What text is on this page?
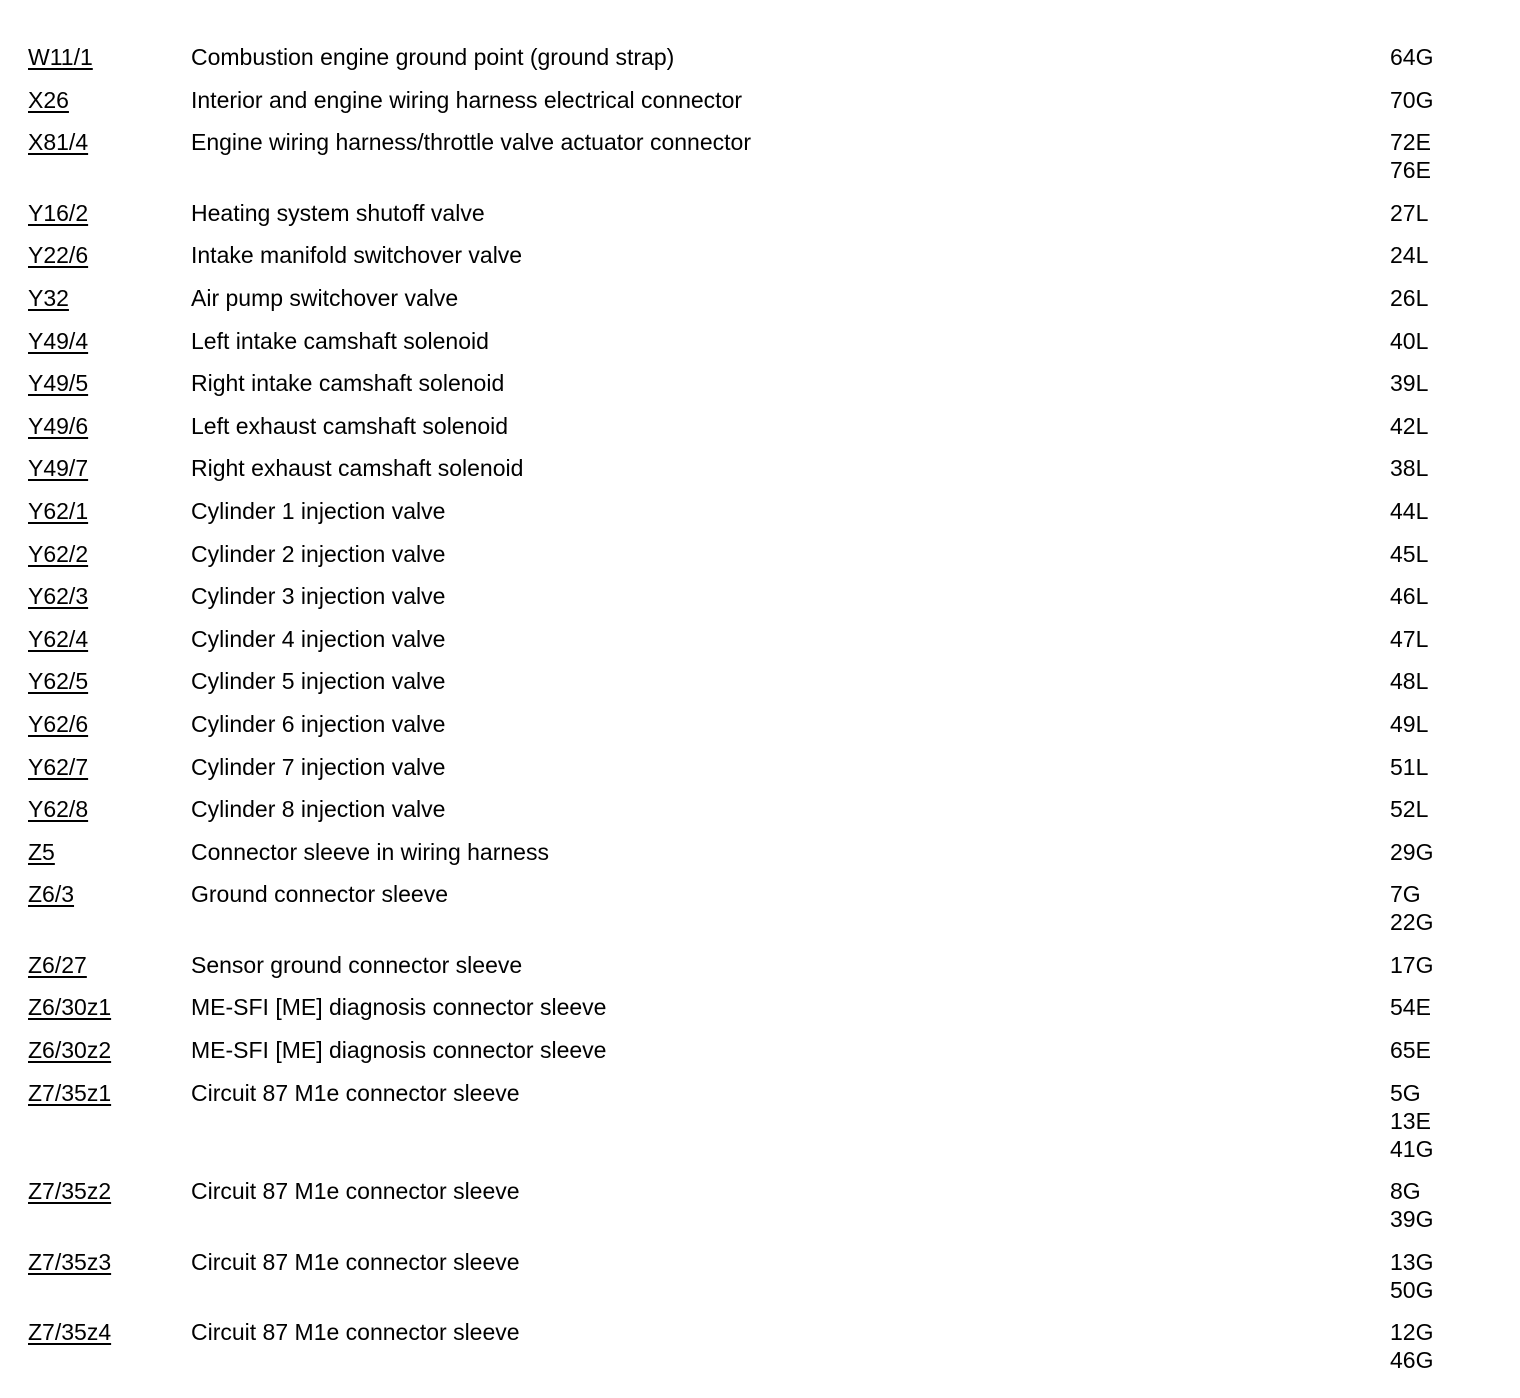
W11/1	Combustion engine ground point (ground strap)	64G
X26	Interior and engine wiring harness electrical connector	70G
X81/4	Engine wiring harness/throttle valve actuator connector	72E
76E
Y16/2	Heating system shutoff valve	27L
Y22/6	Intake manifold switchover valve	24L
Y32	Air pump switchover valve	26L
Y49/4	Left intake camshaft solenoid	40L
Y49/5	Right intake camshaft solenoid	39L
Y49/6	Left exhaust camshaft solenoid	42L
Y49/7	Right exhaust camshaft solenoid	38L
Y62/1	Cylinder 1 injection valve	44L
Y62/2	Cylinder 2 injection valve	45L
Y62/3	Cylinder 3 injection valve	46L
Y62/4	Cylinder 4 injection valve	47L
Y62/5	Cylinder 5 injection valve	48L
Y62/6	Cylinder 6 injection valve	49L
Y62/7	Cylinder 7 injection valve	51L
Y62/8	Cylinder 8 injection valve	52L
Z5	Connector sleeve in wiring harness	29G
Z6/3	Ground connector sleeve	7G
22G
Z6/27	Sensor ground connector sleeve	17G
Z6/30z1	ME-SFI [ME] diagnosis connector sleeve	54E
Z6/30z2	ME-SFI [ME] diagnosis connector sleeve	65E
Z7/35z1	Circuit 87 M1e connector sleeve	5G
13E
41G
Z7/35z2	Circuit 87 M1e connector sleeve	8G
39G
Z7/35z3	Circuit 87 M1e connector sleeve	13G
50G
Z7/35z4	Circuit 87 M1e connector sleeve	12G
46G
